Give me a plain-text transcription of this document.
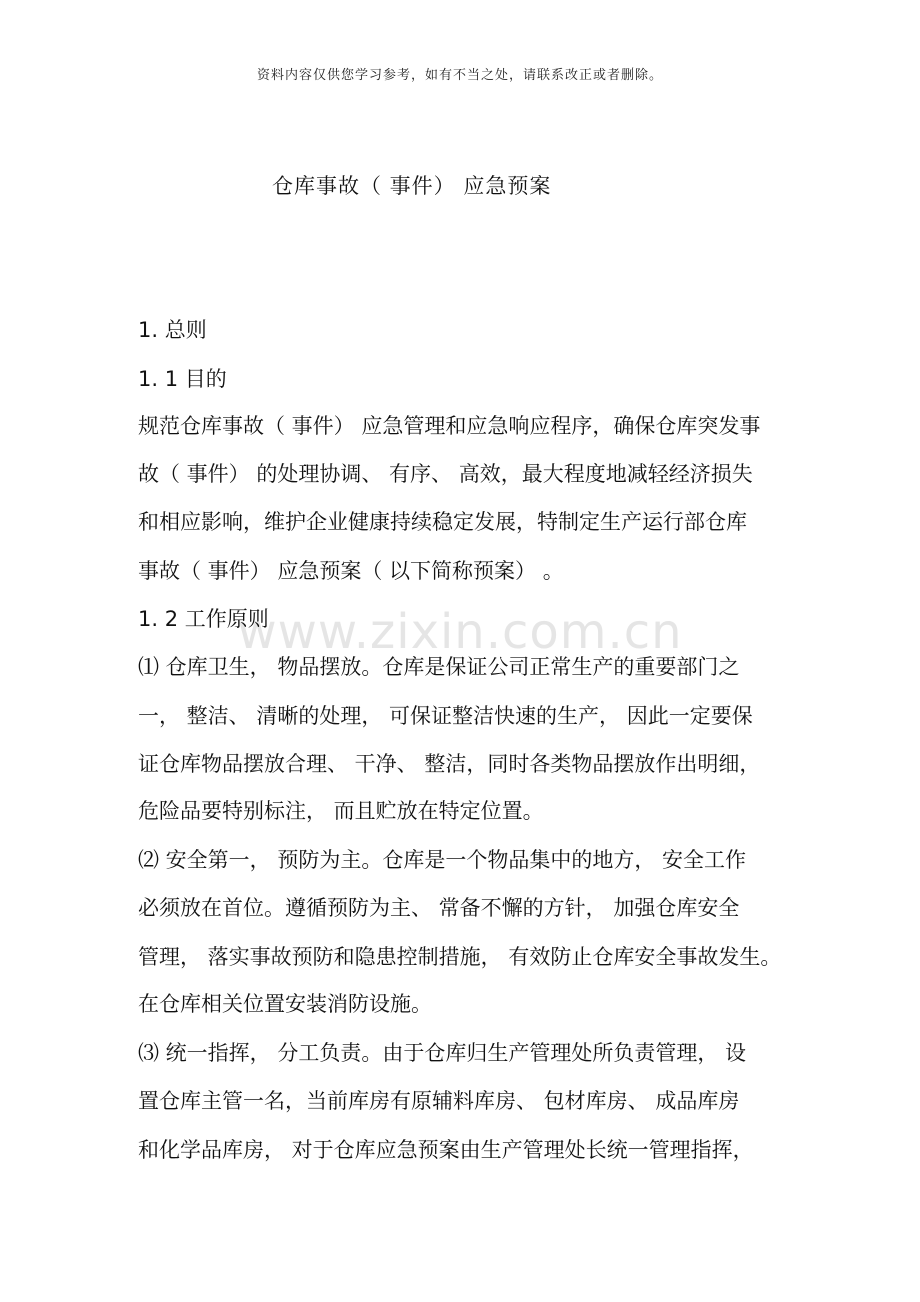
资料内容仅供您学习参考，如有不当之处，请联系改正或者删除。
仓库事故（ 事件） 应急预案
www.zixin.com.cn
1. 总则
1. 1 目的
规范仓库事故（ 事件） 应急管理和应急响应程序，确保仓库突发事
故（ 事件） 的处理协调、 有序、 高效，最大程度地减轻经济损失
和相应影响，维护企业健康持续稳定发展，特制定生产运行部仓库
事故（ 事件） 应急预案（ 以下简称预案） 。
1. 2 工作原则
⑴ 仓库卫生， 物品摆放。仓库是保证公司正常生产的重要部门之
一， 整洁、 清晰的处理， 可保证整洁快速的生产， 因此一定要保
证仓库物品摆放合理、 干净、 整洁，同时各类物品摆放作出明细，
危险品要特别标注， 而且贮放在特定位置。
⑵ 安全第一， 预防为主。仓库是一个物品集中的地方， 安全工作
必须放在首位。遵循预防为主、 常备不懈的方针， 加强仓库安全
管理， 落实事故预防和隐患控制措施， 有效防止仓库安全事故发生。
在仓库相关位置安装消防设施。
⑶ 统一指挥， 分工负责。由于仓库归生产管理处所负责管理， 设
置仓库主管一名，当前库房有原辅料库房、 包材库房、 成品库房
和化学品库房， 对于仓库应急预案由生产管理处长统一管理指挥，
